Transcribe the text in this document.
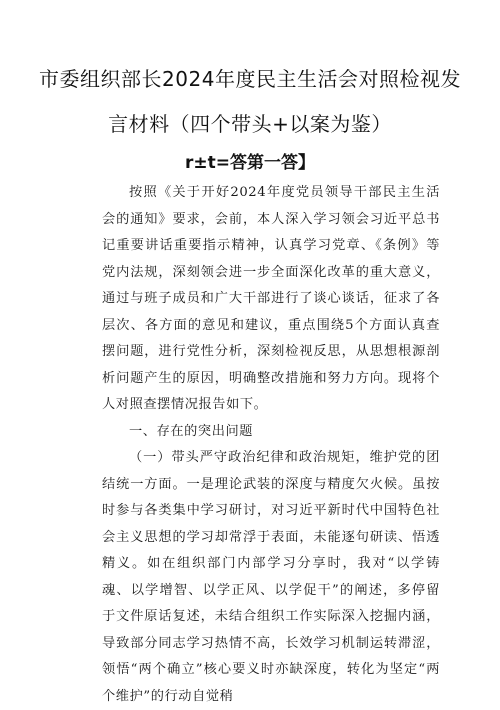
市委组织部长2024年度民主生活会对照检视发
言材料（四个带头+以案为鉴）
r±t=答第一答】

按照《关于开好2024年度党员领导干部民主生活会的通知》要求，会前，本人深入学习领会习近平总书记重要讲话重要指示精神，认真学习党章、《条例》等党内法规，深刻领会进一步全面深化改革的重大意义，通过与班子成员和广大干部进行了谈心谈话，征求了各层次、各方面的意见和建议，重点围绕5个方面认真查摆问题，进行党性分析，深刻检视反思，从思想根源剖析问题产生的原因，明确整改措施和努力方向。现将个人对照查摆情况报告如下。

一、存在的突出问题

（一）带头严守政治纪律和政治规矩，维护党的团结统一方面。一是理论武装的深度与精度欠火候。虽按时参与各类集中学习研讨，对习近平新时代中国特色社会主义思想的学习却常浮于表面，未能逐句研读、悟透精义。如在组织部门内部学习分享时，我对“以学铸魂、以学增智、以学正风、以学促干”的阐述，多停留于文件原话复述，未结合组织工作实际深入挖掘内涵，导致部分同志学习热情不高，长效学习机制运转滞涩，领悟“两个确立”核心要义时亦缺深度，转化为坚定“两个维护”的行动自觉稍
